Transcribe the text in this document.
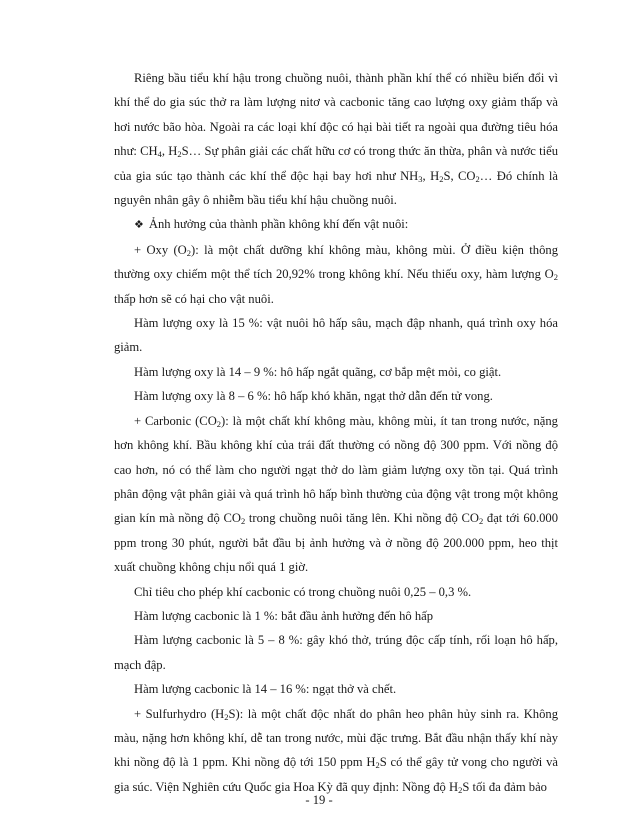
Riêng bầu tiểu khí hậu trong chuồng nuôi, thành phần khí thể có nhiều biến đổi vì khí thể do gia súc thở ra làm lượng nitơ và cacbonic tăng cao lượng oxy giảm thấp và hơi nước bão hòa. Ngoài ra các loại khí độc có hại bài tiết ra ngoài qua đường tiêu hóa như: $CH_4$, $H_2S\dots$ Sự phân giải các chất hữu cơ có trong thức ăn thừa, phân và nước tiểu của gia súc tạo thành các khí thể độc hại bay hơi như $NH_3$, $H_2S$, $CO_2\dots$ Đó chính là nguyên nhân gây ô nhiễm bầu tiểu khí hậu chuồng nuôi.

❖ Ảnh hưởng của thành phần không khí đến vật nuôi:

+ Oxy $(O_2)$: là một chất dưỡng khí không màu, không mùi. Ở điều kiện thông thường oxy chiếm một thể tích 20,92% trong không khí. Nếu thiếu oxy, hàm lượng $O_2$ thấp hơn sẽ có hại cho vật nuôi.

Hàm lượng oxy là 15 %: vật nuôi hô hấp sâu, mạch đập nhanh, quá trình oxy hóa giảm.

Hàm lượng oxy là 14 – 9 %: hô hấp ngắt quãng, cơ bắp mệt mỏi, co giật.

Hàm lượng oxy là 8 – 6 %: hô hấp khó khăn, ngạt thở dẫn đến tử vong.

+ Carbonic $(CO_2)$: là một chất khí không màu, không mùi, ít tan trong nước, nặng hơn không khí. Bầu không khí của trái đất thường có nồng độ 300 ppm. Với nồng độ cao hơn, nó có thể làm cho người ngạt thở do làm giảm lượng oxy tồn tại. Quá trình phân động vật phân giải và quá trình hô hấp bình thường của động vật trong một không gian kín mà nồng độ $CO_2$ trong chuồng nuôi tăng lên. Khi nồng độ $CO_2$ đạt tới 60.000 ppm trong 30 phút, người bắt đầu bị ảnh hưởng và ở nồng độ 200.000 ppm, heo thịt xuất chuồng không chịu nổi quá 1 giờ.

Chỉ tiêu cho phép khí cacbonic có trong chuồng nuôi 0,25 – 0,3 %.

Hàm lượng cacbonic là 1 %: bắt đầu ảnh hưởng đến hô hấp

Hàm lượng cacbonic là 5 – 8 %: gây khó thở, trúng độc cấp tính, rối loạn hô hấp, mạch đập.

Hàm lượng cacbonic là 14 – 16 %: ngạt thở và chết.

+ Sulfurhydro $(H_2S)$: là một chất độc nhất do phân heo phân hủy sinh ra. Không màu, nặng hơn không khí, dễ tan trong nước, mùi đặc trưng. Bắt đầu nhận thấy khí này khi nồng độ là 1 ppm. Khi nồng độ tới 150 ppm $H_2S$ có thể gây tử vong cho người và gia súc. Viện Nghiên cứu Quốc gia Hoa Kỳ đã quy định: Nồng độ $H_2S$ tối đa đảm bảo

- 19 -
